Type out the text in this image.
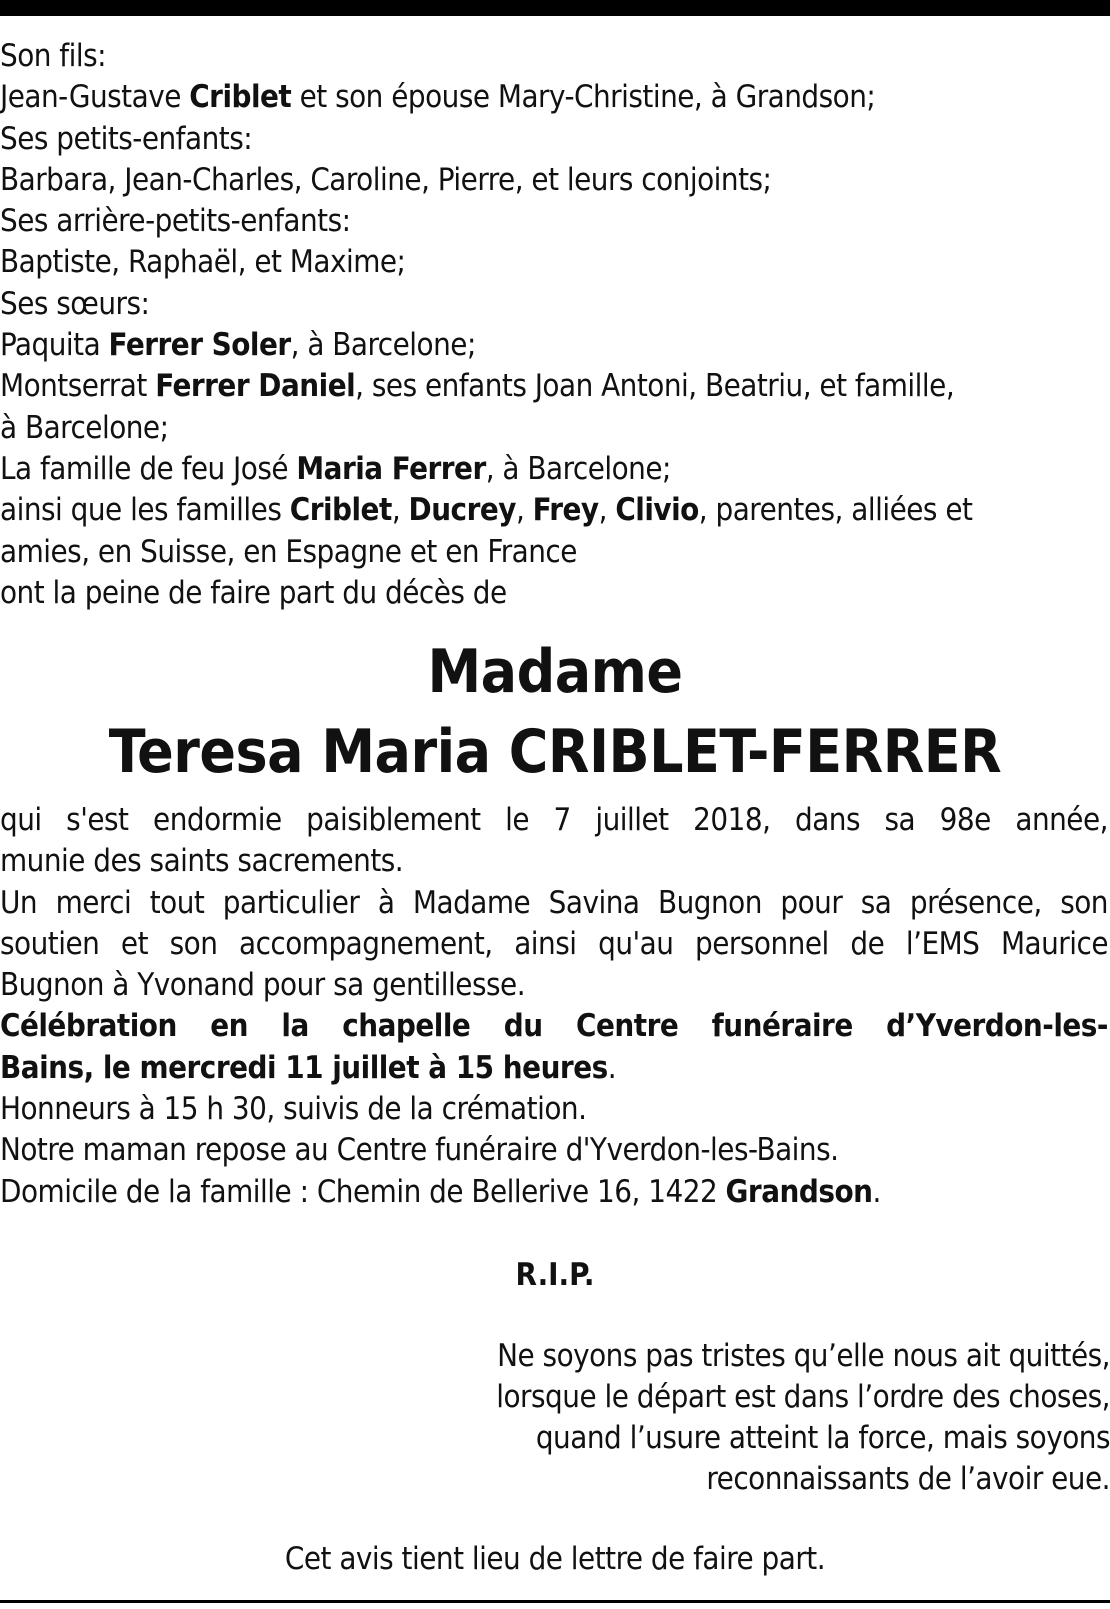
Son fils:

Jean-Gustave Criblet et son épouse Mary-Christine, à Grandson;

Ses petits-enfants:

Barbara, Jean-Charles, Caroline, Pierre, et leurs conjoints;

Ses arrière-petits-enfants:

Baptiste, Raphaël, et Maxime;

Ses sœurs:

Paquita Ferrer Soler, à Barcelone;

Montserrat Ferrer Daniel, ses enfants Joan Antoni, Beatriu, et famille,

à Barcelone;

La famille de feu José Maria Ferrer, à Barcelone;

ainsi que les familles Criblet, Ducrey, Frey, Clivio, parentes, alliées et

amies, en Suisse, en Espagne et en France

ont la peine de faire part du décès de

Madame
Teresa Maria CRIBLET-FERRER

qui s'est endormie paisiblement le 7 juillet 2018, dans sa 98e année,

munie des saints sacrements.

Un merci tout particulier à Madame Savina Bugnon pour sa présence, son

soutien et son accompagnement, ainsi qu'au personnel de l’EMS Maurice

Bugnon à Yvonand pour sa gentillesse.

Célébration en la chapelle du Centre funéraire d’Yverdon-les-

Bains, le mercredi 11 juillet à 15 heures.

Honneurs à 15 h 30, suivis de la crémation.

Notre maman repose au Centre funéraire d'Yverdon-les-Bains.

Domicile de la famille : Chemin de Bellerive 16, 1422 Grandson.

R.I.P.

Ne soyons pas tristes qu’elle nous ait quittés,

lorsque le départ est dans l’ordre des choses,

quand l’usure atteint la force, mais soyons

reconnaissants de l’avoir eue.

Cet avis tient lieu de lettre de faire part.
